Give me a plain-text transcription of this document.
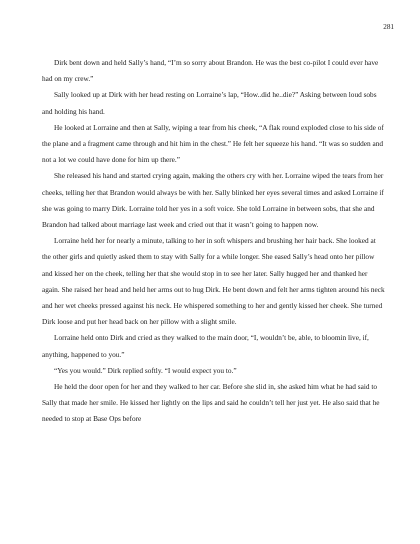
281

Dirk bent down and held Sally’s hand, “I’m so sorry about Brandon. He was the best co-pilot I could ever have had on my crew.”

Sally looked up at Dirk with her head resting on Lorraine’s lap, “How..did he..die?” Asking between loud sobs and holding his hand.

He looked at Lorraine and then at Sally, wiping a tear from his cheek, “A flak round exploded close to his side of the plane and a fragment came through and hit him in the chest.” He felt her squeeze his hand. “It was so sudden and not a lot we could have done for him up there.”

She released his hand and started crying again, making the others cry with her. Lorraine wiped the tears from her cheeks, telling her that Brandon would always be with her. Sally blinked her eyes several times and asked Lorraine if she was going to marry Dirk. Lorraine told her yes in a soft voice. She told Lorraine in between sobs, that she and Brandon had talked about marriage last week and cried out that it wasn’t going to happen now.

Lorraine held her for nearly a minute, talking to her in soft whispers and brushing her hair back. She looked at the other girls and quietly asked them to stay with Sally for a while longer. She eased Sally’s head onto her pillow and kissed her on the cheek, telling her that she would stop in to see her later. Sally hugged her and thanked her again. She raised her head and held her arms out to hug Dirk. He bent down and felt her arms tighten around his neck and her wet cheeks pressed against his neck. He whispered something to her and gently kissed her cheek. She turned Dirk loose and put her head back on her pillow with a slight smile.

Lorraine held onto Dirk and cried as they walked to the main door, “I, wouldn’t be, able, to bloomin live, if, anything, happened to you.”

“Yes you would.” Dirk replied softly. “I would expect you to.”

He held the door open for her and they walked to her car. Before she slid in, she asked him what he had said to Sally that made her smile. He kissed her lightly on the lips and said he couldn’t tell her just yet. He also said that he needed to stop at Base Ops before
